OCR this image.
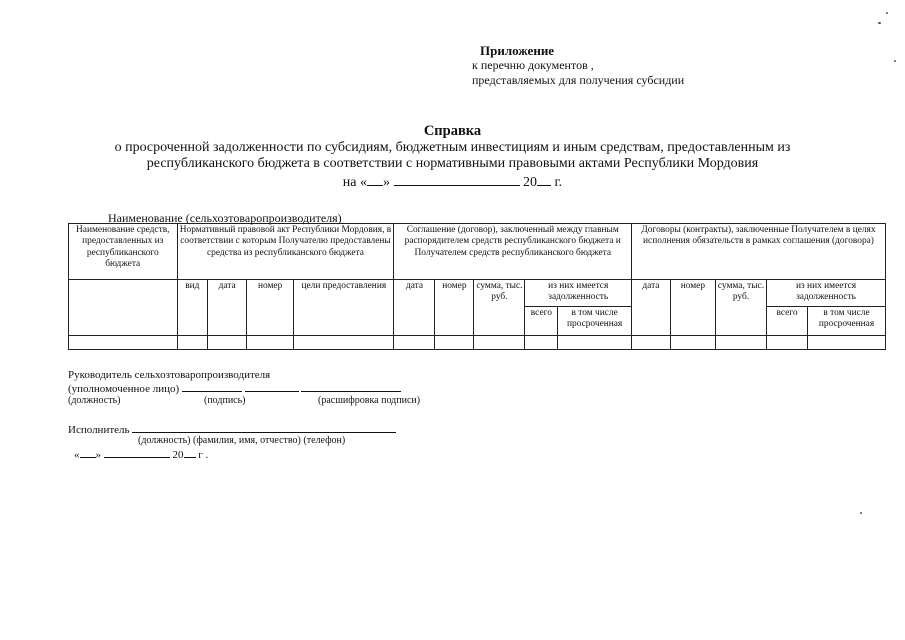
Приложение
к перечню документов ,
представляемых для получения субсидии
Справка
о просроченной задолженности по субсидиям, бюджетным инвестициям и иным средствам, предоставленным из
республиканского бюджета в соответствии с нормативными правовыми актами Республики Мордовия
на « »	20 г.
Наименование (сельхозтоваропроизводителя)
Наименование средств, предоставленных из республиканского бюджета	Нормативный правовой акт Республики Мордовия, в соответствии с которым Получателю предоставлены средства из республиканского бюджета				Соглашение (договор), заключенный между главным распорядителем средств республиканского бюджета и Получателем средств республиканского бюджета					Договоры (контракты), заключенные Получателем в целях исполнения обязательств в рамках соглашения (договора)				
	вид	дата	номер	цели предоставления	дата	номер	сумма, тыс. руб.	из них имеется задолженность		дата	номер	сумма, тыс. руб.	из них имеется задолженность	
								всего	в том числе просроченная				всего	в том числе просроченная

Руководитель сельхозтоваропроизводителя
(уполномоченное лицо)
(должность)	(подпись)	(расшифровка подписи)
Исполнитель
(должность) (фамилия, имя, отчество) (телефон)
« »	20 г .
